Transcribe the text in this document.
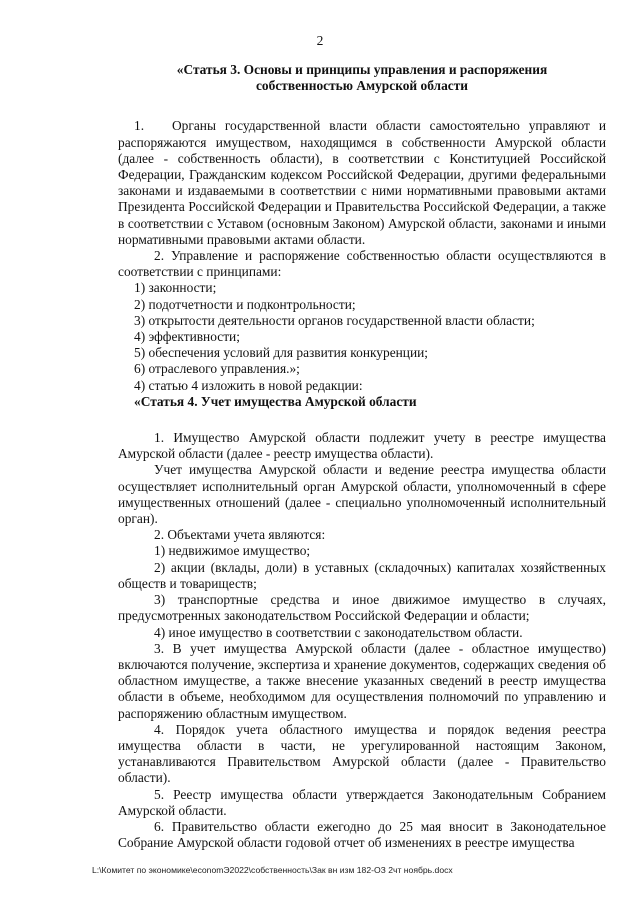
2

«Статья 3. Основы и принципы управления и распоряжения
собственностью Амурской области

1. Органы государственной власти области самостоятельно управляют и распоряжаются имуществом, находящимся в собственности Амурской области (далее - собственность области), в соответствии с Конституцией Российской Федерации, Гражданским кодексом Российской Федерации, другими федеральными законами и издаваемыми в соответствии с ними нормативными правовыми актами Президента Российской Федерации и Правительства Российской Федерации, а также в соответствии с Уставом (основным Законом) Амурской области, законами и иными нормативными правовыми актами области.

2. Управление и распоряжение собственностью области осуществляются в соответствии с принципами:

1) законности;

2) подотчетности и подконтрольности;

3) открытости деятельности органов государственной власти области;

4) эффективности;

5) обеспечения условий для развития конкуренции;

6) отраслевого управления.»;

4) статью 4 изложить в новой редакции:

«Статья 4. Учет имущества Амурской области

1. Имущество Амурской области подлежит учету в реестре имущества Амурской области (далее - реестр имущества области).

Учет имущества Амурской области и ведение реестра имущества области осуществляет исполнительный орган Амурской области, уполномоченный в сфере имущественных отношений (далее - специально уполномоченный исполнительный орган).

2. Объектами учета являются:

1) недвижимое имущество;

2) акции (вклады, доли) в уставных (складочных) капиталах хозяйственных обществ и товариществ;

3) транспортные средства и иное движимое имущество в случаях, предусмотренных законодательством Российской Федерации и области;

4) иное имущество в соответствии с законодательством области.

3. В учет имущества Амурской области (далее - областное имущество) включаются получение, экспертиза и хранение документов, содержащих сведения об областном имуществе, а также внесение указанных сведений в реестр имущества области в объеме, необходимом для осуществления полномочий по управлению и распоряжению областным имуществом.

4. Порядок учета областного имущества и порядок ведения реестра имущества области в части, не урегулированной настоящим Законом, устанавливаются Правительством Амурской области (далее - Правительство области).

5. Реестр имущества области утверждается Законодательным Собранием Амурской области.

6. Правительство области ежегодно до 25 мая вносит в Законодательное Собрание Амурской области годовой отчет об изменениях в реестре имущества

L:\Комитет по экономике\economЭ2022\собственность\Зак вн изм 182-ОЗ 2чт ноябрь.docx
